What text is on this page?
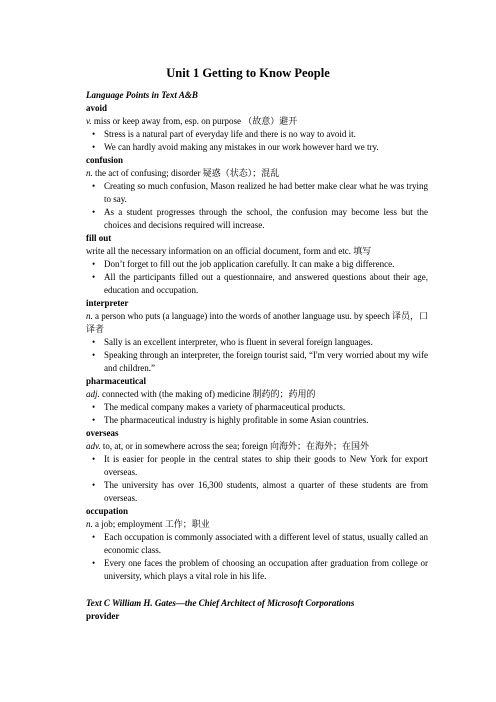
Unit 1 Getting to Know People
Language Points in Text A&B
avoid
v. miss or keep away from, esp. on purpose （故意）避开
• Stress is a natural part of everyday life and there is no way to avoid it.
• We can hardly avoid making any mistakes in our work however hard we try.
confusion
n. the act of confusing; disorder 疑惑（状态）；混乱
• Creating so much confusion, Mason realized he had better make clear what he was trying to say.
• As a student progresses through the school, the confusion may become less but the choices and decisions required will increase.
fill out
write all the necessary information on an official document, form and etc. 填写
• Don’t forget to fill out the job application carefully. It can make a big difference.
• All the participants filled out a questionnaire, and answered questions about their age, education and occupation.
interpreter
n. a person who puts (a language) into the words of another language usu. by speech 译员，口译者
• Sally is an excellent interpreter, who is fluent in several foreign languages.
• Speaking through an interpreter, the foreign tourist said, “I'm very worried about my wife and children.”
pharmaceutical
adj. connected with (the making of) medicine 制药的；药用的
• The medical company makes a variety of pharmaceutical products.
• The pharmaceutical industry is highly profitable in some Asian countries.
overseas
adv. to, at, or in somewhere across the sea; foreign 向海外；在海外；在国外
• It is easier for people in the central states to ship their goods to New York for export overseas.
• The university has over 16,300 students, almost a quarter of these students are from overseas.
occupation
n. a job; employment 工作；职业
• Each occupation is commonly associated with a different level of status, usually called an economic class.
• Every one faces the problem of choosing an occupation after graduation from college or university, which plays a vital role in his life.
Text C William H. Gates—the Chief Architect of Microsoft Corporations
provider
